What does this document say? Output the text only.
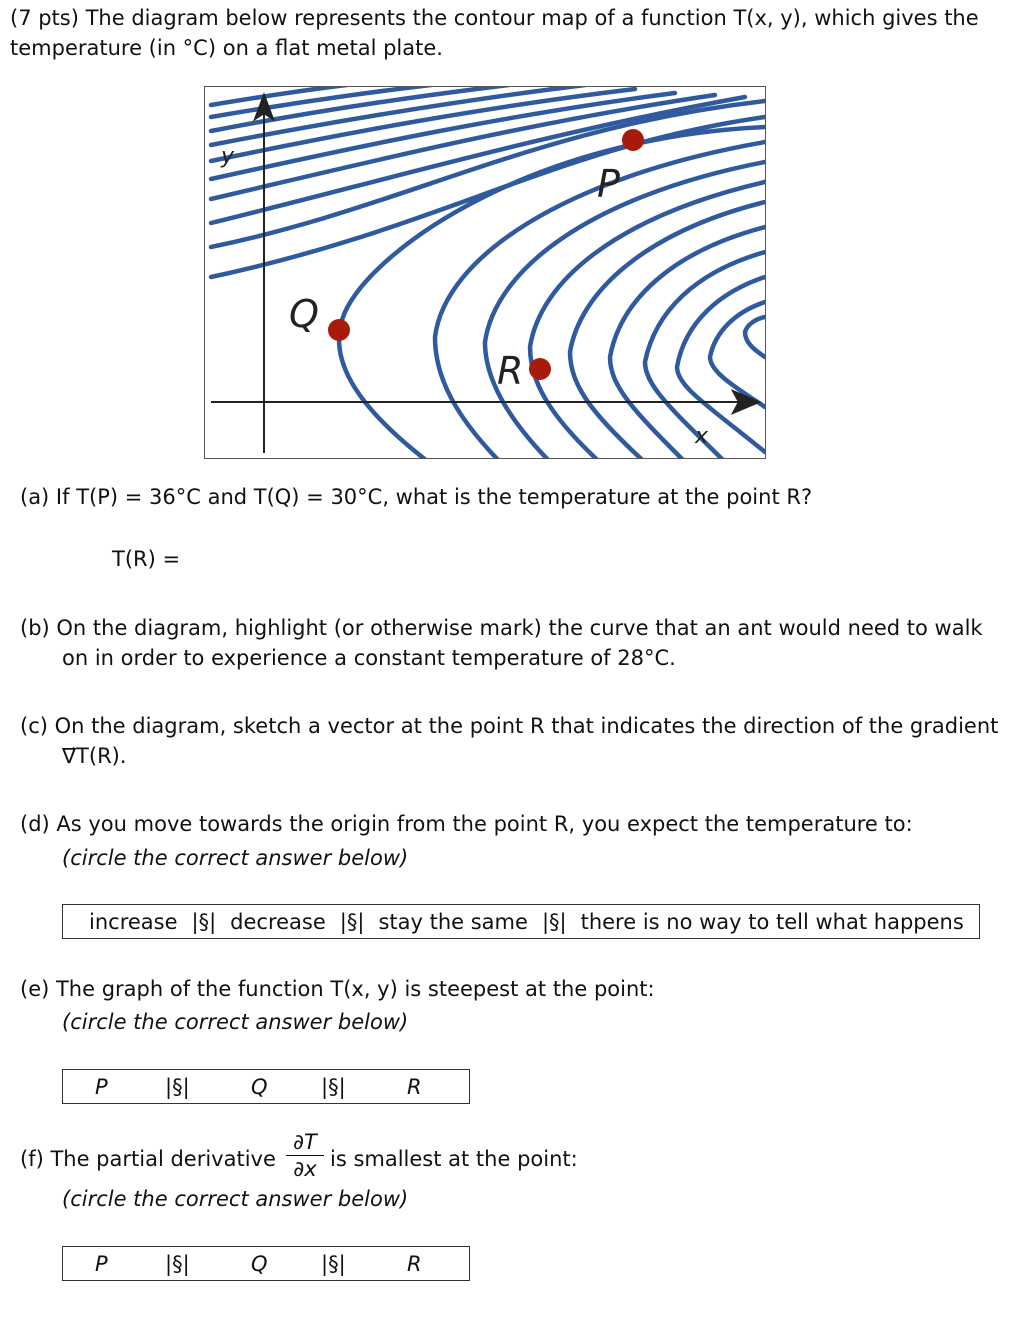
(7 pts) The diagram below represents the contour map of a function T(x, y), which gives the
temperature (in °C) on a flat metal plate.
Q
R
P
y
x
(a) If T(P) = 36°C and T(Q) = 30°C, what is the temperature at the point R?
T(R) =
(b) On the diagram, highlight (or otherwise mark) the curve that an ant would need to walk
on in order to experience a constant temperature of 28°C.
(c) On the diagram, sketch a vector at the point R that indicates the direction of the gradient
∇⃗T(R).
(d) As you move towards the origin from the point R, you expect the temperature to:
(circle the correct answer below)
increase |§| decrease |§| stay the same |§| there is no way to tell what happens
(e) The graph of the function T(x, y) is steepest at the point:
(circle the correct answer below)
P	|§|	Q	|§|	R
(f) The partial derivative
∂T
∂x is smallest at the point:
(circle the correct answer below)
P	|§|	Q	|§|	R
